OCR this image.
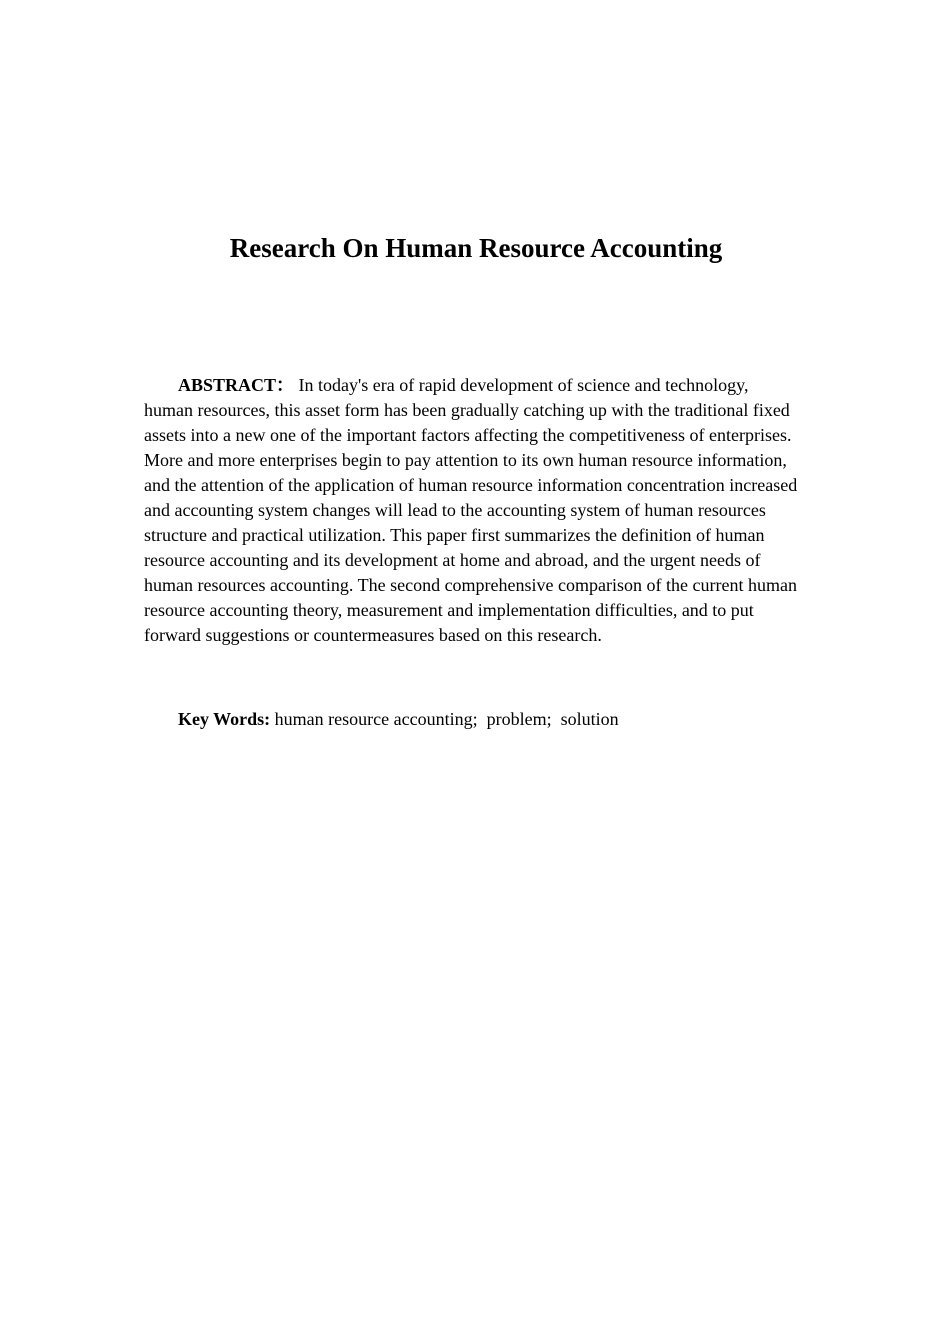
Research On Human Resource Accounting

ABSTRACT： In today's era of rapid development of science and technology, human resources, this asset form has been gradually catching up with the traditional fixed assets into a new one of the important factors affecting the competitiveness of enterprises. More and more enterprises begin to pay attention to its own human resource information, and the attention of the application of human resource information concentration increased and accounting system changes will lead to the accounting system of human resources structure and practical utilization. This paper first summarizes the definition of human resource accounting and its development at home and abroad, and the urgent needs of human resources accounting. The second comprehensive comparison of the current human resource accounting theory, measurement and implementation difficulties, and to put forward suggestions or countermeasures based on this research.

Key Words: human resource accounting;  problem;  solution
